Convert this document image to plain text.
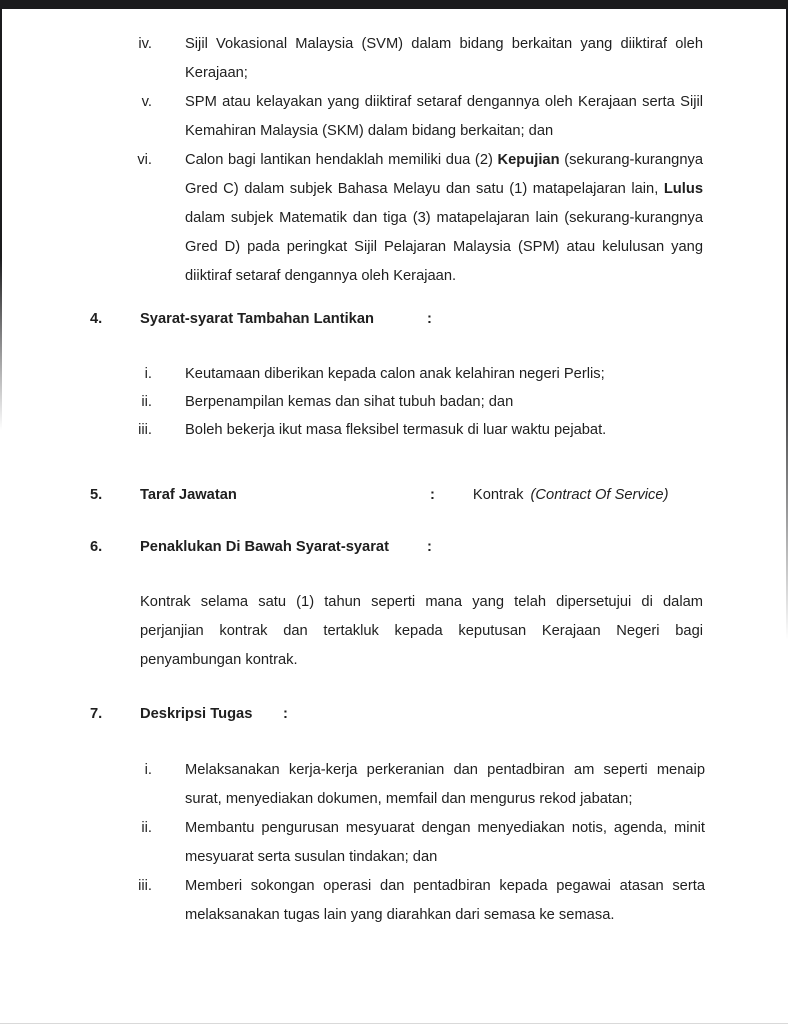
iv. Sijil Vokasional Malaysia (SVM) dalam bidang berkaitan yang diiktiraf oleh Kerajaan;

v. SPM atau kelayakan yang diiktiraf setaraf dengannya oleh Kerajaan serta Sijil Kemahiran Malaysia (SKM) dalam bidang berkaitan; dan

vi. Calon bagi lantikan hendaklah memiliki dua (2) Kepujian (sekurang-kurangnya Gred C) dalam subjek Bahasa Melayu dan satu (1) matapelajaran lain, Lulus dalam subjek Matematik dan tiga (3) matapelajaran lain (sekurang-kurangnya Gred D) pada peringkat Sijil Pelajaran Malaysia (SPM) atau kelulusan yang diiktiraf setaraf dengannya oleh Kerajaan.

4.	Syarat-syarat Tambahan Lantikan	:
i. Keutamaan diberikan kepada calon anak kelahiran negeri Perlis;

ii. Berpenampilan kemas dan sihat tubuh badan; dan

iii. Boleh bekerja ikut masa fleksibel termasuk di luar waktu pejabat.

5.	Taraf Jawatan	:	Kontrak (Contract Of Service)
6.	Penaklukan Di Bawah Syarat-syarat	:

Kontrak selama satu (1) tahun seperti mana yang telah dipersetujui di dalam perjanjian kontrak dan tertakluk kepada keputusan Kerajaan Negeri bagi penyambungan kontrak.

7.	Deskripsi Tugas	:
i. Melaksanakan kerja-kerja perkeranian dan pentadbiran am seperti menaip surat, menyediakan dokumen, memfail dan mengurus rekod jabatan;

ii. Membantu pengurusan mesyuarat dengan menyediakan notis, agenda, minit mesyuarat serta susulan tindakan; dan

iii. Memberi sokongan operasi dan pentadbiran kepada pegawai atasan serta melaksanakan tugas lain yang diarahkan dari semasa ke semasa.
